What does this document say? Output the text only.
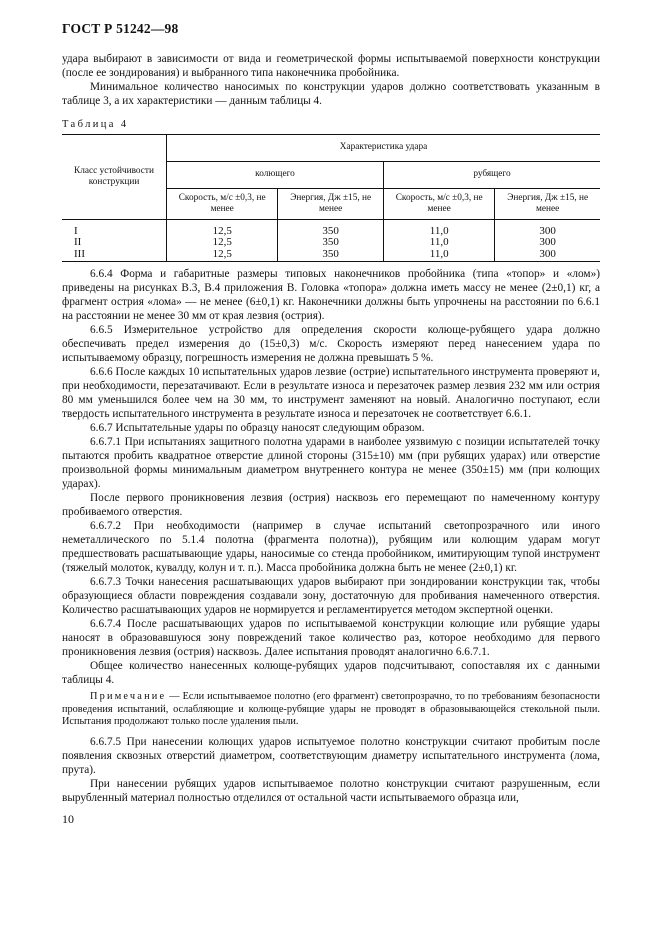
ГОСТ Р 51242—98

удара выбирают в зависимости от вида и геометрической формы испытываемой поверхности конструкции (после ее зондирования) и выбранного типа наконечника пробойника.

Минимальное количество наносимых по конструкции ударов должно соответствовать указанным в таблице 3, а их характеристики — данным таблицы 4.

Таблица 4
Класс устойчивости конструкции	Характеристика удара			
	колющего		рубящего	
	Скорость, м/с ±0,3, не менее	Энергия, Дж ±15, не менее	Скорость, м/с ±0,3, не менее	Энергия, Дж ±15, не менее
I	12,5	350	11,0	300
II	12,5	350	11,0	300
III	12,5	350	11,0	300

6.6.4 Форма и габаритные размеры типовых наконечников пробойника (типа «топор» и «лом») приведены на рисунках В.3, В.4 приложения В. Головка «топора» должна иметь массу не менее (2±0,1) кг, а фрагмент острия «лома» — не менее (6±0,1) кг. Наконечники должны быть упрочнены на расстоянии по 6.6.1 на расстоянии не менее 30 мм от края лезвия (острия).

6.6.5 Измерительное устройство для определения скорости колюще-рубящего удара должно обеспечивать предел измерения до (15±0,3) м/с. Скорость измеряют перед нанесением удара по испытываемому образцу, погрешность измерения не должна превышать 5 %.

6.6.6 После каждых 10 испытательных ударов лезвие (острие) испытательного инструмента проверяют и, при необходимости, перезатачивают. Если в результате износа и перезаточек размер лезвия 232 мм или острия 80 мм уменьшился более чем на 30 мм, то инструмент заменяют на новый. Аналогично поступают, если твердость испытательного инструмента в результате износа и перезаточек не соответствует 6.6.1.

6.6.7 Испытательные удары по образцу наносят следующим образом.

6.6.7.1 При испытаниях защитного полотна ударами в наиболее уязвимую с позиции испытателей точку пытаются пробить квадратное отверстие длиной стороны (315±10) мм (при рубящих ударах) или отверстие произвольной формы минимальным диаметром внутреннего контура не менее (350±15) мм (при колющих ударах).

После первого проникновения лезвия (острия) насквозь его перемещают по намеченному контуру пробиваемого отверстия.

6.6.7.2 При необходимости (например в случае испытаний светопрозрачного или иного неметаллического по 5.1.4 полотна (фрагмента полотна)), рубящим или колющим ударам могут предшествовать расшатывающие удары, наносимые со стенда пробойником, имитирующим тупой инструмент (тяжелый молоток, кувалду, колун и т. п.). Масса пробойника должна быть не менее (2±0,1) кг.

6.6.7.3 Точки нанесения расшатывающих ударов выбирают при зондировании конструкции так, чтобы образующиеся области повреждения создавали зону, достаточную для пробивания намеченного отверстия. Количество расшатывающих ударов не нормируется и регламентируется методом экспертной оценки.

6.6.7.4 После расшатывающих ударов по испытываемой конструкции колющие или рубящие удары наносят в образовавшуюся зону повреждений такое количество раз, которое необходимо для первого проникновения лезвия (острия) насквозь. Далее испытания проводят аналогично 6.6.7.1.

Общее количество нанесенных колюще-рубящих ударов подсчитывают, сопоставляя их с данными таблицы 4.

Примечание — Если испытываемое полотно (его фрагмент) светопрозрачно, то по требованиям безопасности проведения испытаний, ослабляющие и колюще-рубящие удары не проводят в образовывающейся стекольной пыли. Испытания продолжают только после удаления пыли.

6.6.7.5 При нанесении колющих ударов испытуемое полотно конструкции считают пробитым после появления сквозных отверстий диаметром, соответствующим диаметру испытательного инструмента (лома, прута).

При нанесении рубящих ударов испытываемое полотно конструкции считают разрушенным, если вырубленный материал полностью отделился от остальной части испытываемого образца или,

10
